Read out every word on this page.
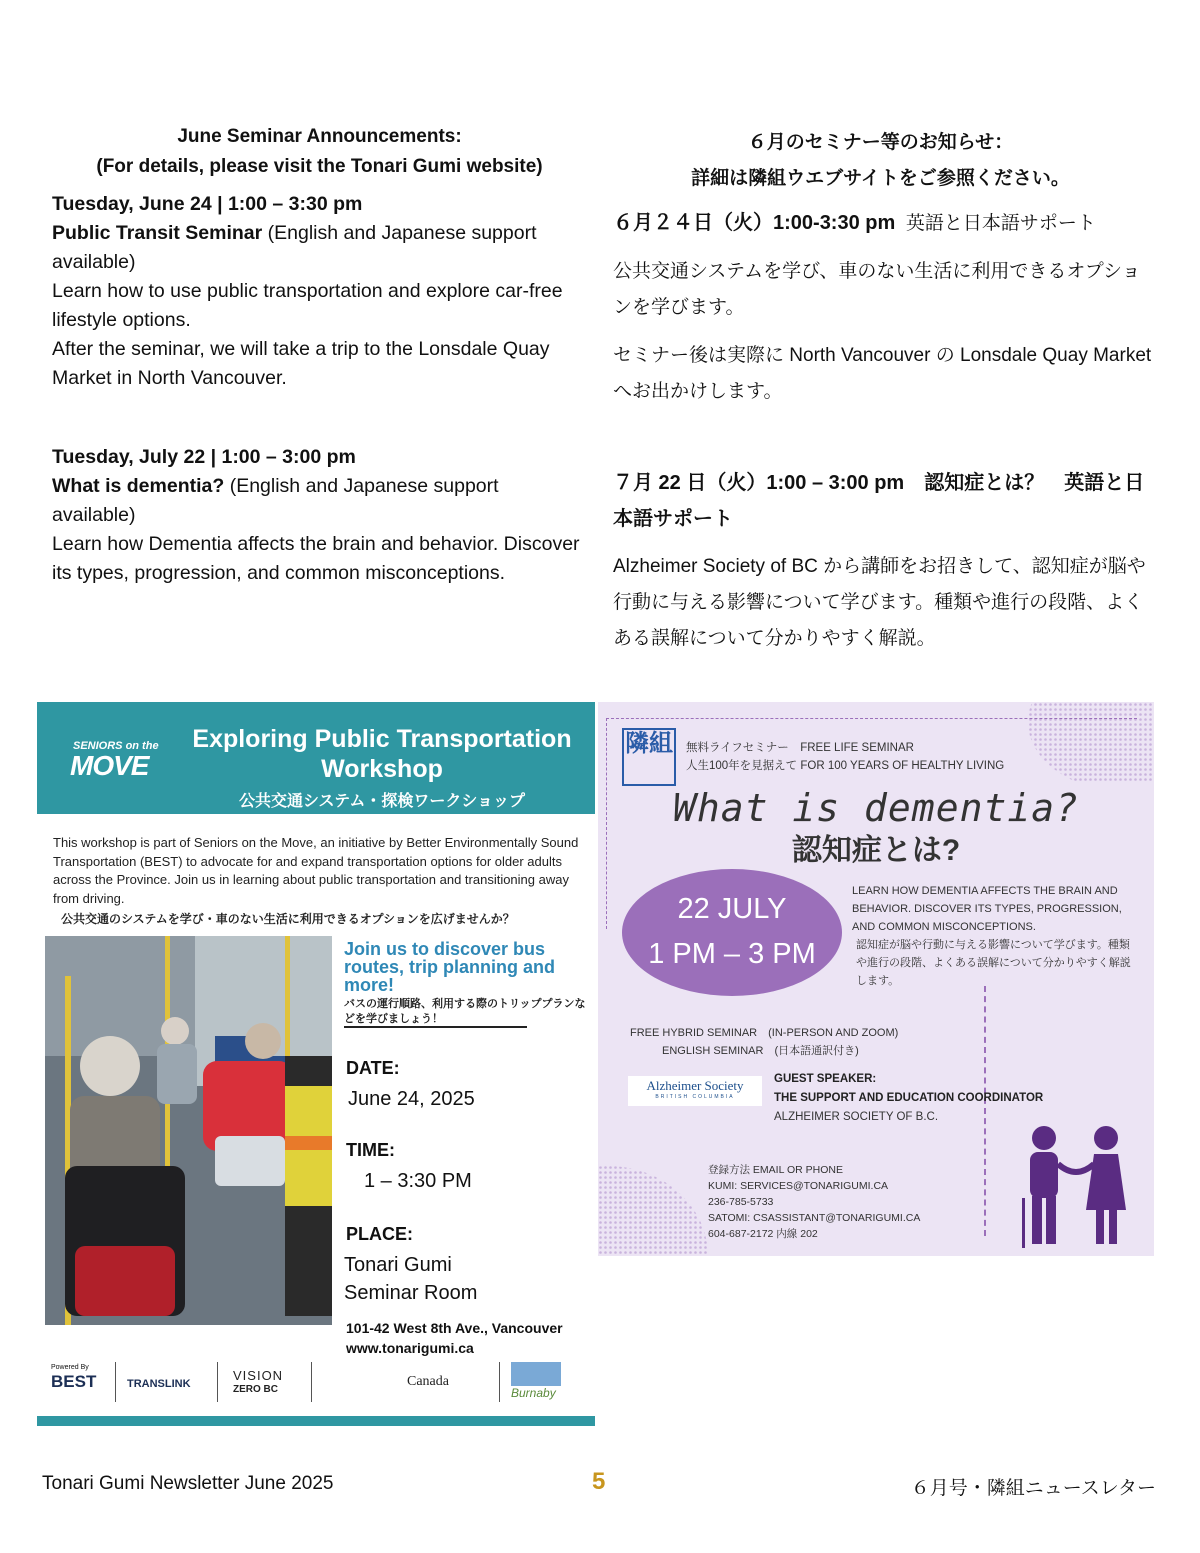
June Seminar Announcements:
(For details, please visit the Tonari Gumi website)
Tuesday, June 24 | 1:00 – 3:30 pm
Public Transit Seminar (English and Japanese support available)
Learn how to use public transportation and explore car-free lifestyle options.
After the seminar, we will take a trip to the Lonsdale Quay Market in North Vancouver.
Tuesday, July 22 | 1:00 – 3:00 pm
What is dementia? (English and Japanese support available)
Learn how Dementia affects the brain and behavior. Discover its types, progression, and common misconceptions.
６月のセミナー等のお知らせ：
詳細は隣組ウエブサイトをご参照ください。
６月２４日（火）1:00-3:30 pm 英語と日本語サポート
公共交通システムを学び、車のない生活に利用できるオプションを学びます。
セミナー後は実際に North Vancouver の Lonsdale Quay Market へお出かけします。
７月 22 日（火）1:00 – 3:00 pm　認知症とは？　英語と日本語サポート
Alzheimer Society of BC から講師をお招きして、認知症が脳や行動に与える影響について学びます。種類や進行の段階、よくある誤解について分かりやすく解説。
SENIORS on the
MOVE
Exploring Public Transportation Workshop
公共交通システム・探検ワークショップ
This workshop is part of Seniors on the Move, an initiative by Better Environmentally Sound Transportation (BEST) to advocate for and expand transportation options for older adults across the Province. Join us in learning about public transportation and transitioning away from driving.
公共交通のシステムを学び・車のない生活に利用できるオプションを広げませんか？
Join us to discover bus routes, trip planning and more!
バスの運行順路、利用する際のトリッププランなどを学びましょう！
DATE:
June 24, 2025
TIME:
1 – 3:30 PM
PLACE:
Tonari Gumi
Seminar Room
101-42 West 8th Ave., Vancouver
www.tonarigumi.ca
Powered By
BEST	TRANSLINK
VISION
ZERO BC
Canada
Burnaby
隣組 無料ライフセミナー　FREE LIFE SEMINAR
人生100年を見据えて FOR 100 YEARS OF HEALTHY LIVING
What is dementia?
認知症とは?
22 JULY
1 PM – 3 PM
LEARN HOW DEMENTIA AFFECTS THE BRAIN AND BEHAVIOR. DISCOVER ITS TYPES, PROGRESSION, AND COMMON MISCONCEPTIONS.
認知症が脳や行動に与える影響について学びます。種類や進行の段階、よくある誤解について分かりやすく解説します。
FREE HYBRID SEMINAR　(IN-PERSON AND ZOOM)
ENGLISH SEMINAR　(日本語通訳付き)
Alzheimer Society
BRITISH COLUMBIA
GUEST SPEAKER:
THE SUPPORT AND EDUCATION COORDINATOR
ALZHEIMER SOCIETY OF B.C.
登録方法 EMAIL OR PHONE
KUMI: SERVICES@TONARIGUMI.CA
236-785-5733
SATOMI: CSASSISTANT@TONARIGUMI.CA
604-687-2172 内線 202
Tonari Gumi Newsletter June 2025	5	６月号・隣組ニュースレター
